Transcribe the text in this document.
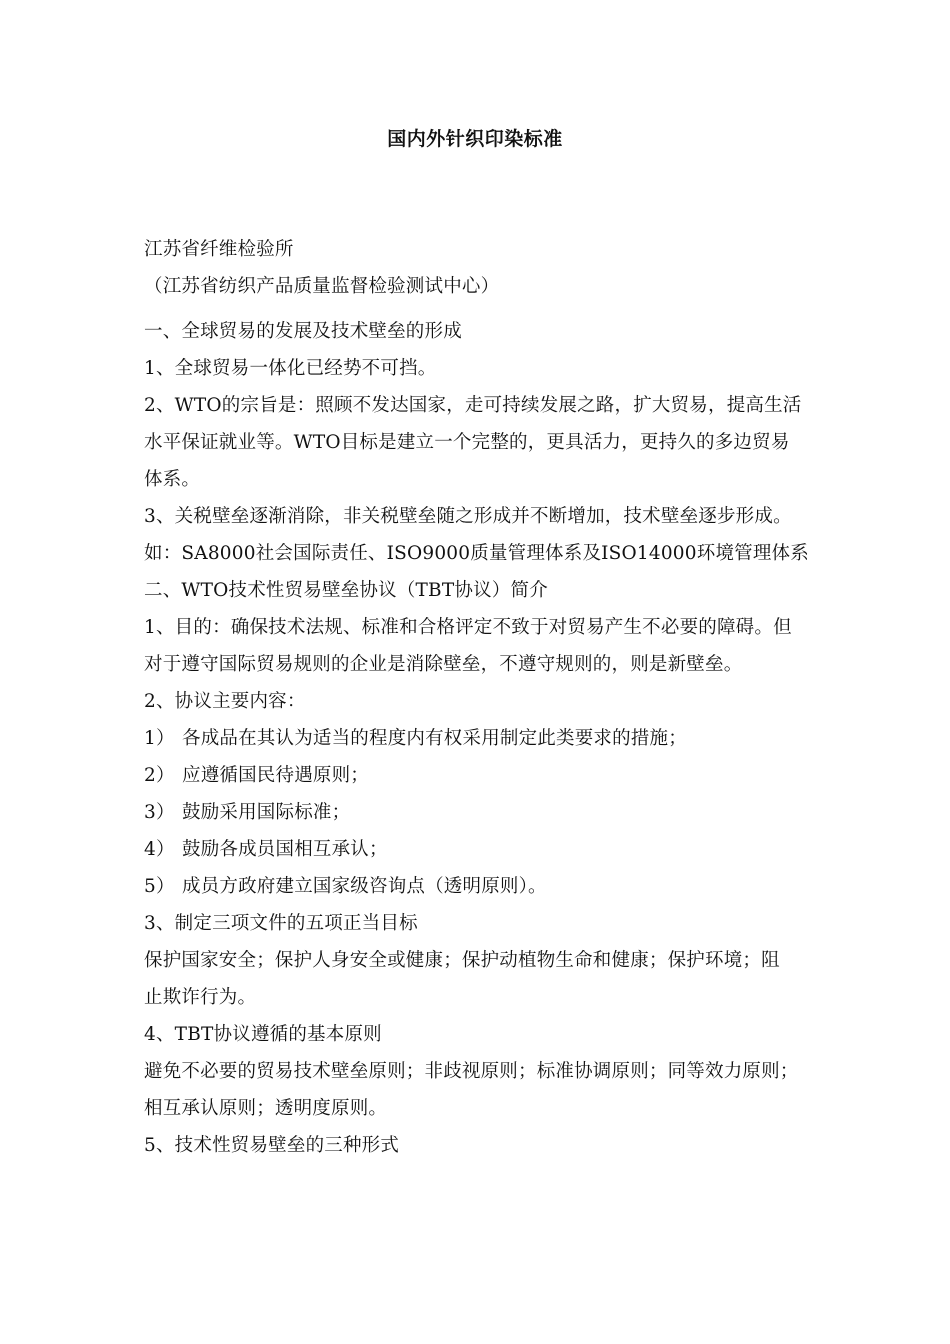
国内外针织印染标准
江苏省纤维检验所
（江苏省纺织产品质量监督检验测试中心）
一、全球贸易的发展及技术壁垒的形成
1、全球贸易一体化已经势不可挡。
2、WTO的宗旨是：照顾不发达国家，走可持续发展之路，扩大贸易，提高生活
水平保证就业等。WTO目标是建立一个完整的，更具活力，更持久的多边贸易
体系。
3、关税壁垒逐渐消除，非关税壁垒随之形成并不断增加，技术壁垒逐步形成。
如：SA8000社会国际责任、ISO9000质量管理体系及ISO14000环境管理体系
二、WTO技术性贸易壁垒协议（TBT协议）简介
1、目的：确保技术法规、标准和合格评定不致于对贸易产生不必要的障碍。但
对于遵守国际贸易规则的企业是消除壁垒，不遵守规则的，则是新壁垒。
2、协议主要内容：
1） 各成品在其认为适当的程度内有权采用制定此类要求的措施；
2） 应遵循国民待遇原则；
3） 鼓励采用国际标准；
4） 鼓励各成员国相互承认；
5） 成员方政府建立国家级咨询点（透明原则）。
3、制定三项文件的五项正当目标
保护国家安全；保护人身安全或健康；保护动植物生命和健康；保护环境；阻
止欺诈行为。
4、TBT协议遵循的基本原则
避免不必要的贸易技术壁垒原则；非歧视原则；标准协调原则；同等效力原则；
相互承认原则；透明度原则。
5、技术性贸易壁垒的三种形式
